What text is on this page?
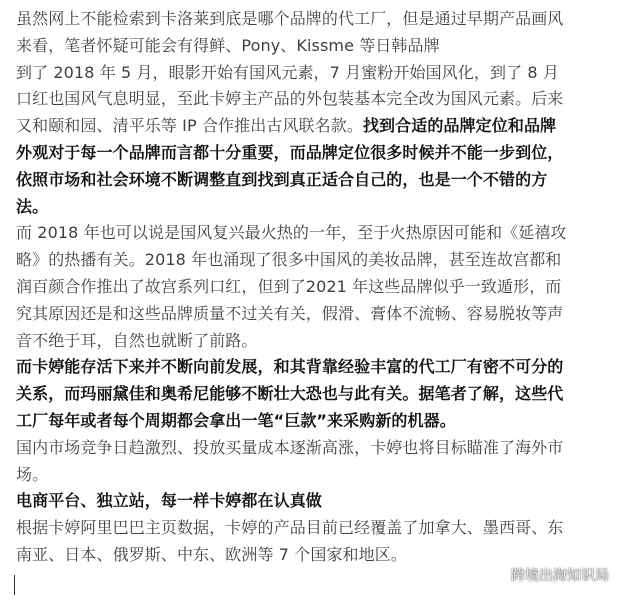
虽然网上不能检索到卡洛莱到底是哪个品牌的代工厂，但是通过早期产品画风
来看，笔者怀疑可能会有得鲜、Pony、Kissme 等日韩品牌

到了 2018 年 5 月，眼影开始有国风元素，7 月蜜粉开始国风化，到了 8 月
口红也国风气息明显，至此卡婷主产品的外包装基本完全改为国风元素。后来
又和颐和园、清平乐等 IP 合作推出古风联名款。找到合适的品牌定位和品牌
外观对于每一个品牌而言都十分重要，而品牌定位很多时候并不能一步到位，
依照市场和社会环境不断调整直到找到真正适合自己的，也是一个不错的方
法。

而 2018 年也可以说是国风复兴最火热的一年，至于火热原因可能和《延禧攻
略》的热播有关。2018 年也涌现了很多中国风的美妆品牌，甚至连故宫都和
润百颜合作推出了故宫系列口红，但到了2021 年这些品牌似乎一致遁形，而
究其原因还是和这些品牌质量不过关有关，假滑、膏体不流畅、容易脱妆等声
音不绝于耳，自然也就断了前路。

而卡婷能存活下来并不断向前发展，和其背靠经验丰富的代工厂有密不可分的
关系，而玛丽黛佳和奥希尼能够不断壮大恐也与此有关。据笔者了解，这些代
工厂每年或者每个周期都会拿出一笔“巨款”来采购新的机器。

国内市场竞争日趋激烈、投放买量成本逐渐高涨，卡婷也将目标瞄准了海外市
场。

电商平台、独立站，每一样卡婷都在认真做

根据卡婷阿里巴巴主页数据，卡婷的产品目前已经覆盖了加拿大、墨西哥、东
南亚、日本、俄罗斯、中东、欧洲等 7 个国家和地区。

跨境出海知识局
